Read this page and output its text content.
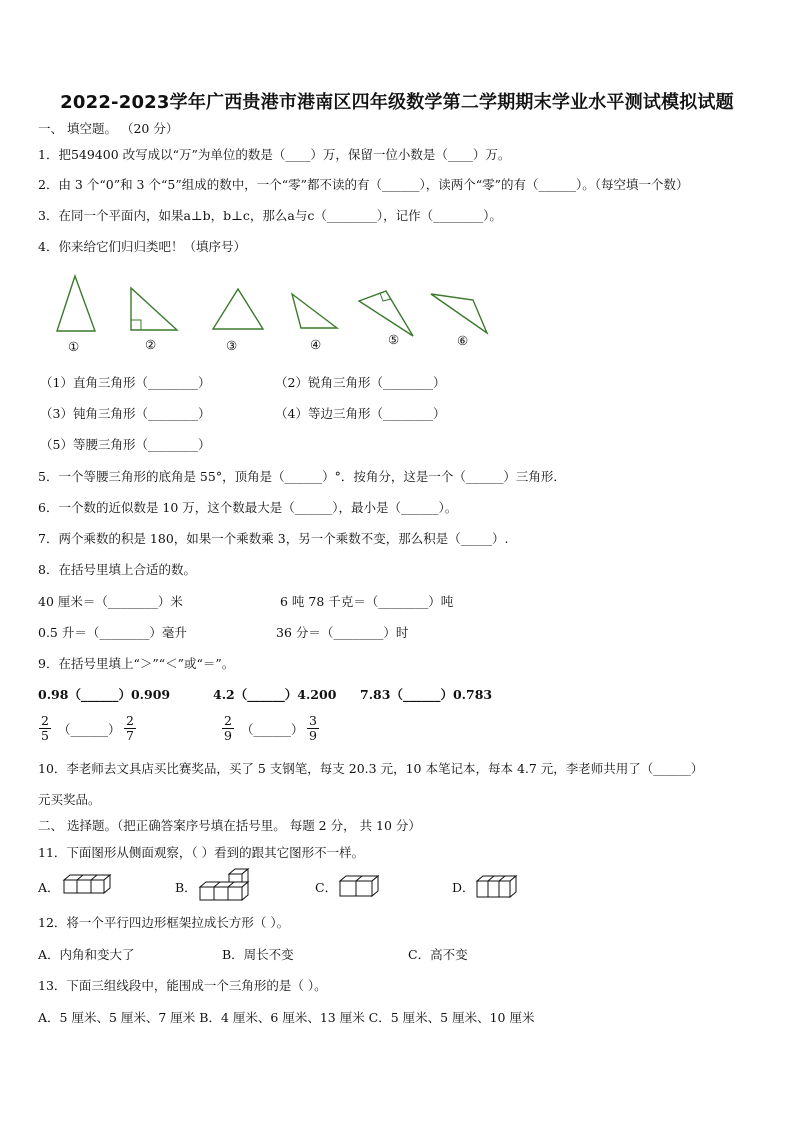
2022-2023学年广西贵港市港南区四年级数学第二学期期末学业水平测试模拟试题
一、 填空题。 （20 分）
1．把549400 改写成以“万”为单位的数是（____）万，保留一位小数是（____）万。
2．由 3 个“0”和 3 个“5”组成的数中，一个“零”都不读的有（______），读两个“零”的有（______）。（每空填一个数）
3．在同一个平面内，如果a⊥b，b⊥c，那么a与c（________），记作（________）。
4．你来给它们归归类吧！（填序号）
①	②	③	④	⑤	⑥
（1）直角三角形（________）	（2）锐角三角形（________）
（3）钝角三角形（________）	（4）等边三角形（________）
（5）等腰三角形（________）
5．一个等腰三角形的底角是 55°，顶角是（______）°．按角分，这是一个（______）三角形．
6．一个数的近似数是 10 万，这个数最大是（______），最小是（______）。
7．两个乘数的积是 180，如果一个乘数乘 3，另一个乘数不变，那么积是（_____）.
8．在括号里填上合适的数。
40 厘米＝（________）米	6 吨 78 千克＝（________）吨
0.5 升＝（________）毫升	36 分＝（________）时
9．在括号里填上“＞”“＜”或“＝”。
0.98（______）0.909	4.2（______）4.200 7.83（______）0.783
$\frac{2}{5}$ （______） $\frac{2}{7}$	$\frac{2}{9}$ （______） $\frac{3}{9}$
10．李老师去文具店买比赛奖品，买了 5 支钢笔，每支 20.3 元，10 本笔记本，每本 4.7 元，李老师共用了（______）
元买奖品。
二、 选择题。（把正确答案序号填在括号里。 每题 2 分， 共 10 分）
11．下面图形从侧面观察，（ ）看到的跟其它图形不一样。
A．	B．	C．	D．
12．将一个平行四边形框架拉成长方形（ ）。
A．内角和变大了	B．周长不变	C．高不变
13．下面三组线段中，能围成一个三角形的是（ ）。
A．5 厘米、5 厘米、7 厘米 B．4 厘米、6 厘米、13 厘米 C．5 厘米、5 厘米、10 厘米
